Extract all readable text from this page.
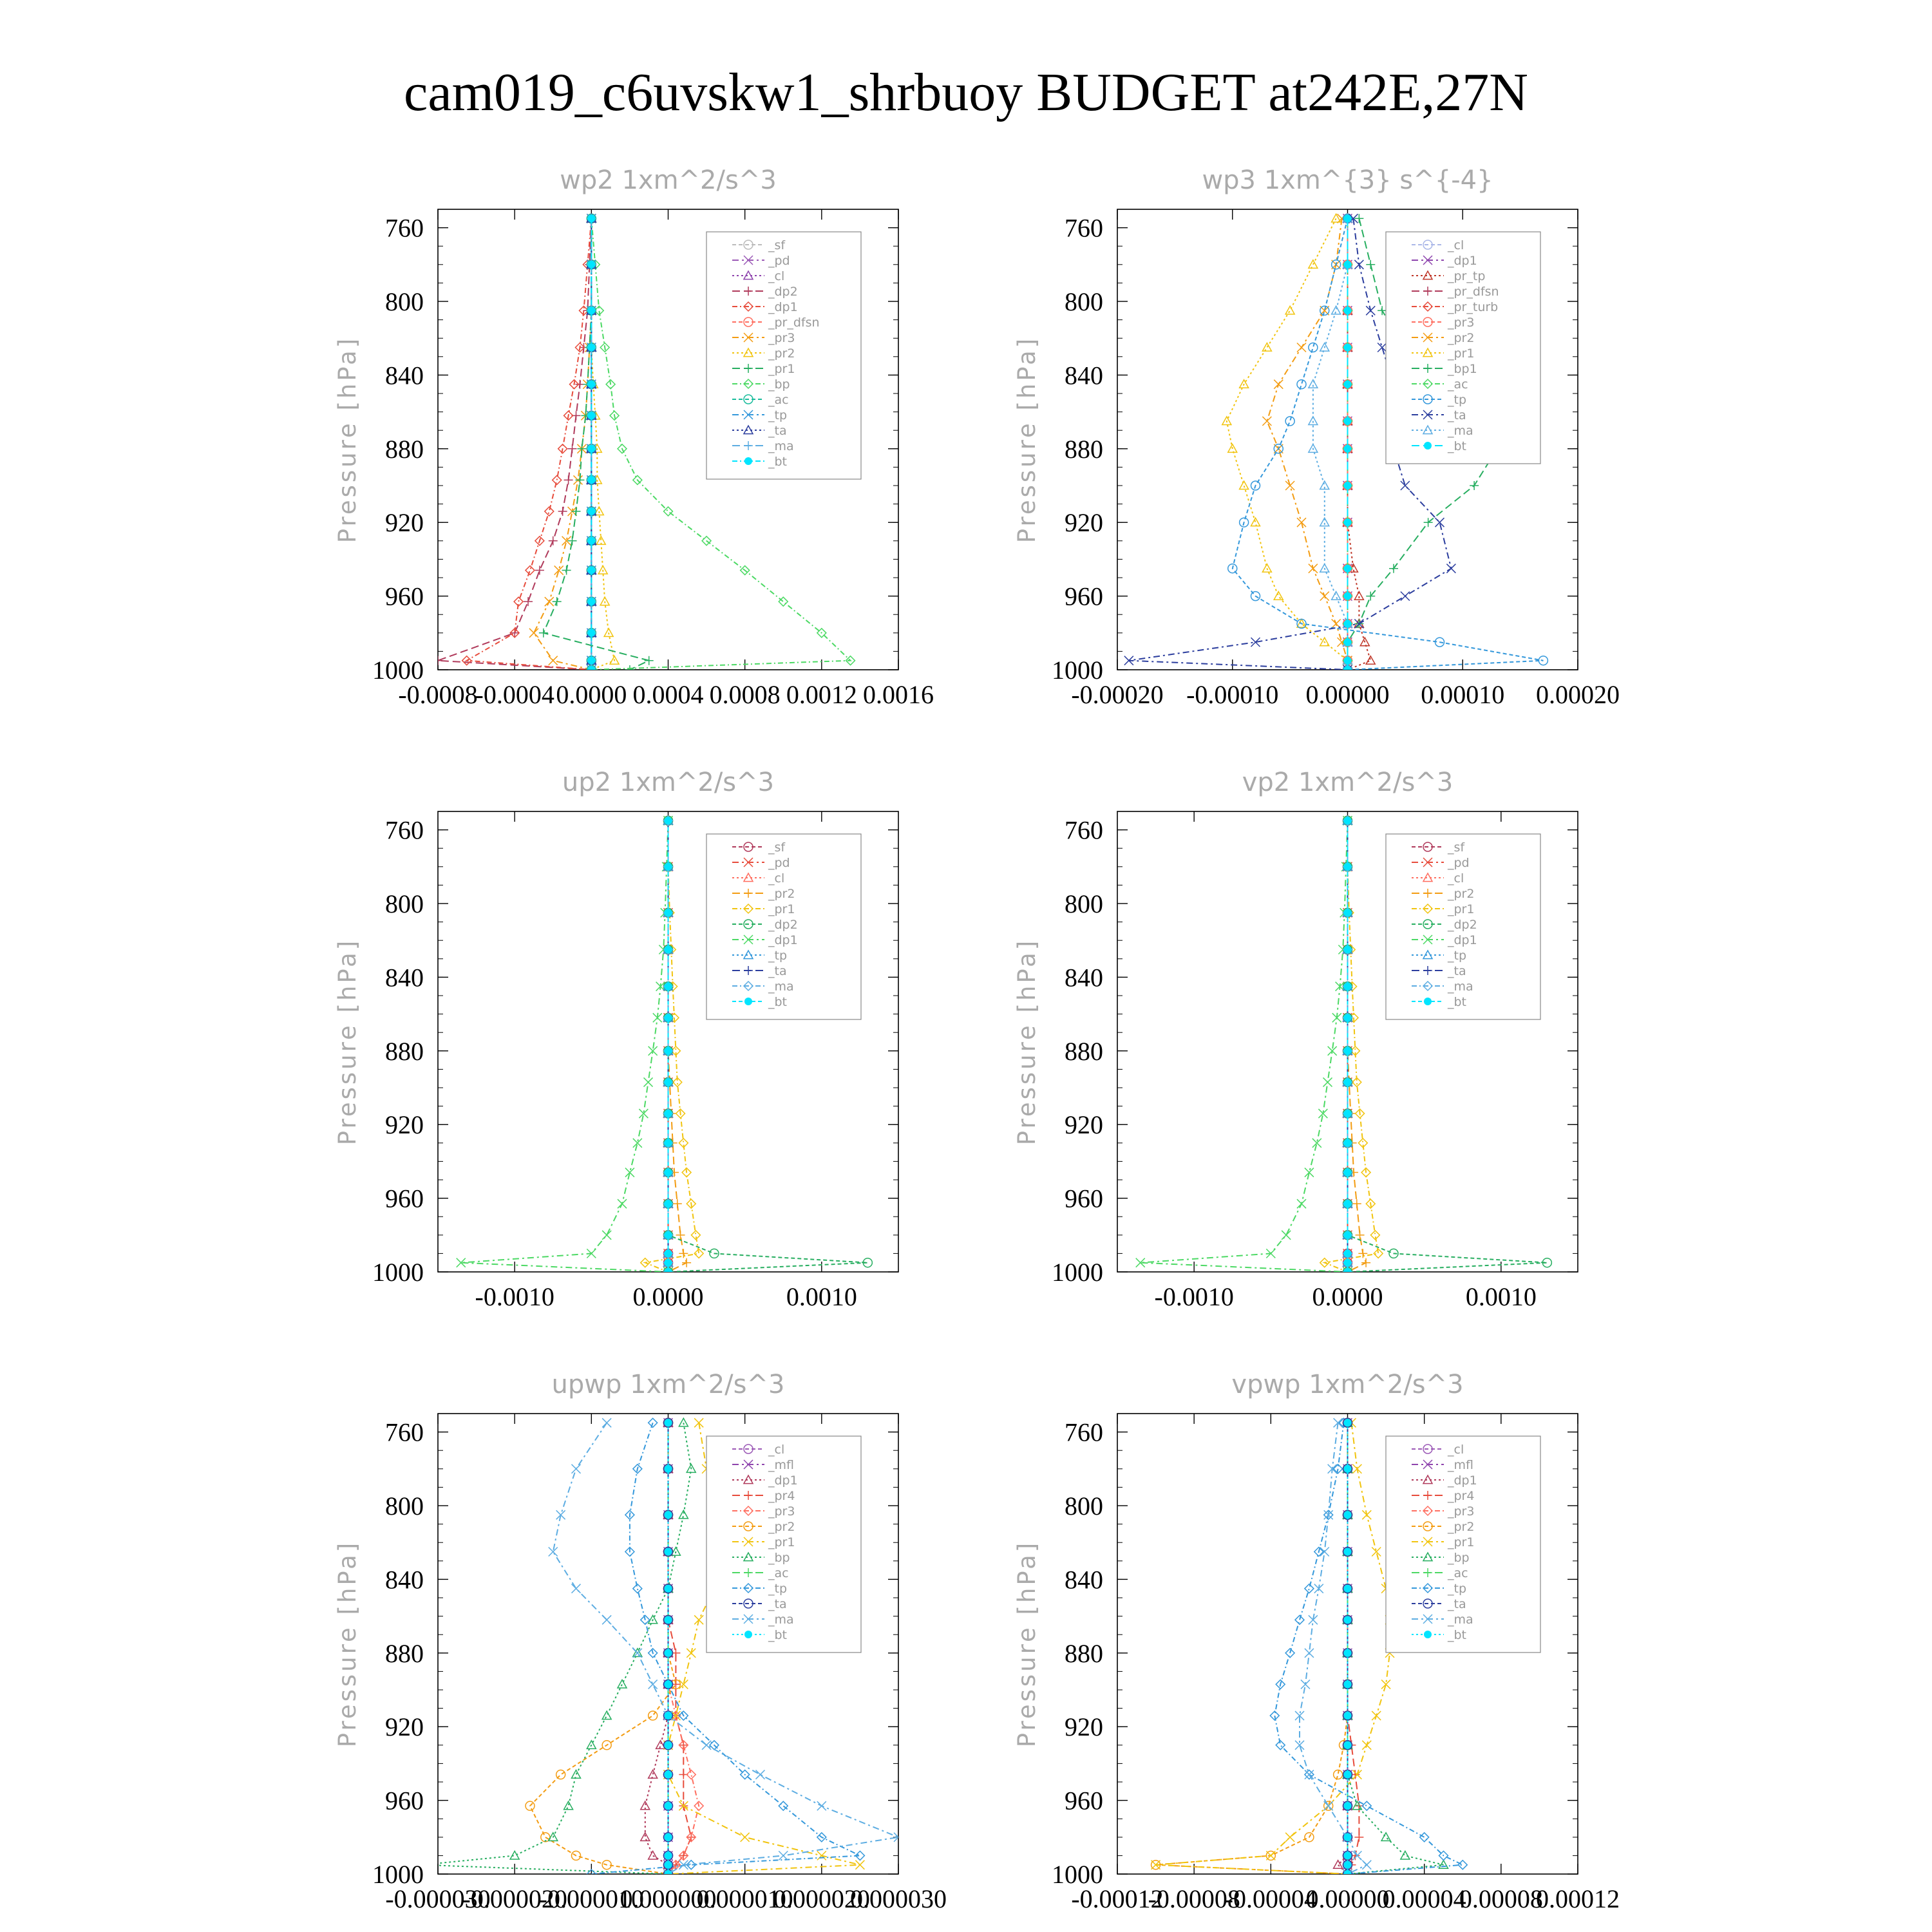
cam019_c6uvskw1_shrbuoy BUDGET at242E,27N
wp2 1xm^2/s^3
760
800
840
880
920
960
1000
-0.0008
-0.0004 0.0000 0.0004 0.0008 0.0012 0.0016
Pressure [hPa]
_sf
_pd
_cl
_dp2
_dp1
_pr_dfsn
_pr3
_pr2
_pr1
_bp
_ac
_tp
_ta
_ma
_bt
wp3 1xm^{3} s^{-4}
760
800
840
880
920
960
1000
-0.00020 -0.00010 0.00000 0.00010 0.00020
Pressure [hPa]
_cl
_dp1
_pr_tp
_pr_dfsn
_pr_turb
_pr3
_pr2
_pr1
_bp1
_ac
_tp
_ta
_ma
_bt
up2 1xm^2/s^3
760
800
840
880
920
960
1000
-0.0010	0.0000	0.0010
Pressure [hPa]
_sf
_pd
_cl
_pr2
_pr1
_dp2
_dp1
_tp
_ta
_ma
_bt
vp2 1xm^2/s^3
760
800
840
880
920
960
1000
-0.0010	0.0000	0.0010
Pressure [hPa]
_sf
_pd
_cl
_pr2
_pr1
_dp2
_dp1
_tp
_ta
_ma
_bt
upwp 1xm^2/s^3
760
800
840
880
920
960
1000
-0.000030
-0.000020
-0.000010
0.000000
0.000010
0.000020
0.000030
Pressure [hPa]
_cl
_mfl
_dp1
_pr4
_pr3
_pr2
_pr1
_bp
_ac
_tp
_ta
_ma
_bt
vpwp 1xm^2/s^3
760
800
840
880
920
960
1000
-0.00012
-0.00008
-0.00004
0.00000
0.00004
0.00008
0.00012
Pressure [hPa]
_cl
_mfl
_dp1
_pr4
_pr3
_pr2
_pr1
_bp
_ac
_tp
_ta
_ma
_bt
